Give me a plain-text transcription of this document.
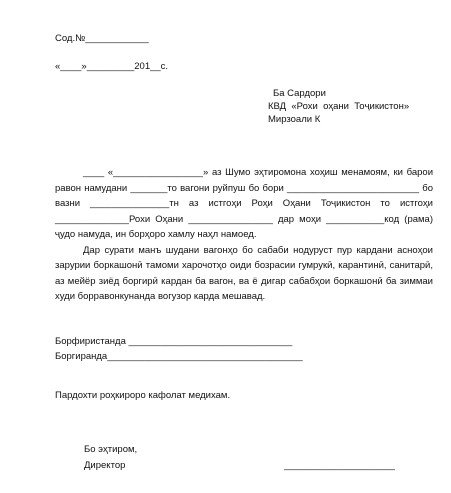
Сод.№____________
«____»_________201__с.
Ба Сардори
КВД  «Рохи  оҳани  Тоҷикистон»
Мирзоали К

____ «_________________» аз Шумо эҳтиромона хоҳиш менамоям, ки барои равон намудани _______то вагони руйпуш бо бори _________________________ бо вазни _______________тн аз истгоҳи Роҳи Оҳани Тоҷикистон то истгоҳи ______________Рохи Оҳани ________________ дар моҳи ___________код (рама) ҷудо намуда, ин борҳоро хамлу наҳл намоед.

Дар сурати манъ шудани вагонҳо бо сабаби нодуруст пур кардани асноҳои зарурии боркашонӣ тамоми харочотҳо оиди бозрасии гумрукӣ, карантинӣ, санитарӣ, аз мейёр зиёд боргирӣ кардан ба вагон, ва ё дигар сабабҳои боркашонӣ ба зиммаи худи борравонкунанда вогузор карда мешавад.

Борфиристанда _______________________________
Боргиранда_____________________________________
Пардохти роҳкироро кафолат медихам.
Бо эҳтиром,
Директор	_____________________
